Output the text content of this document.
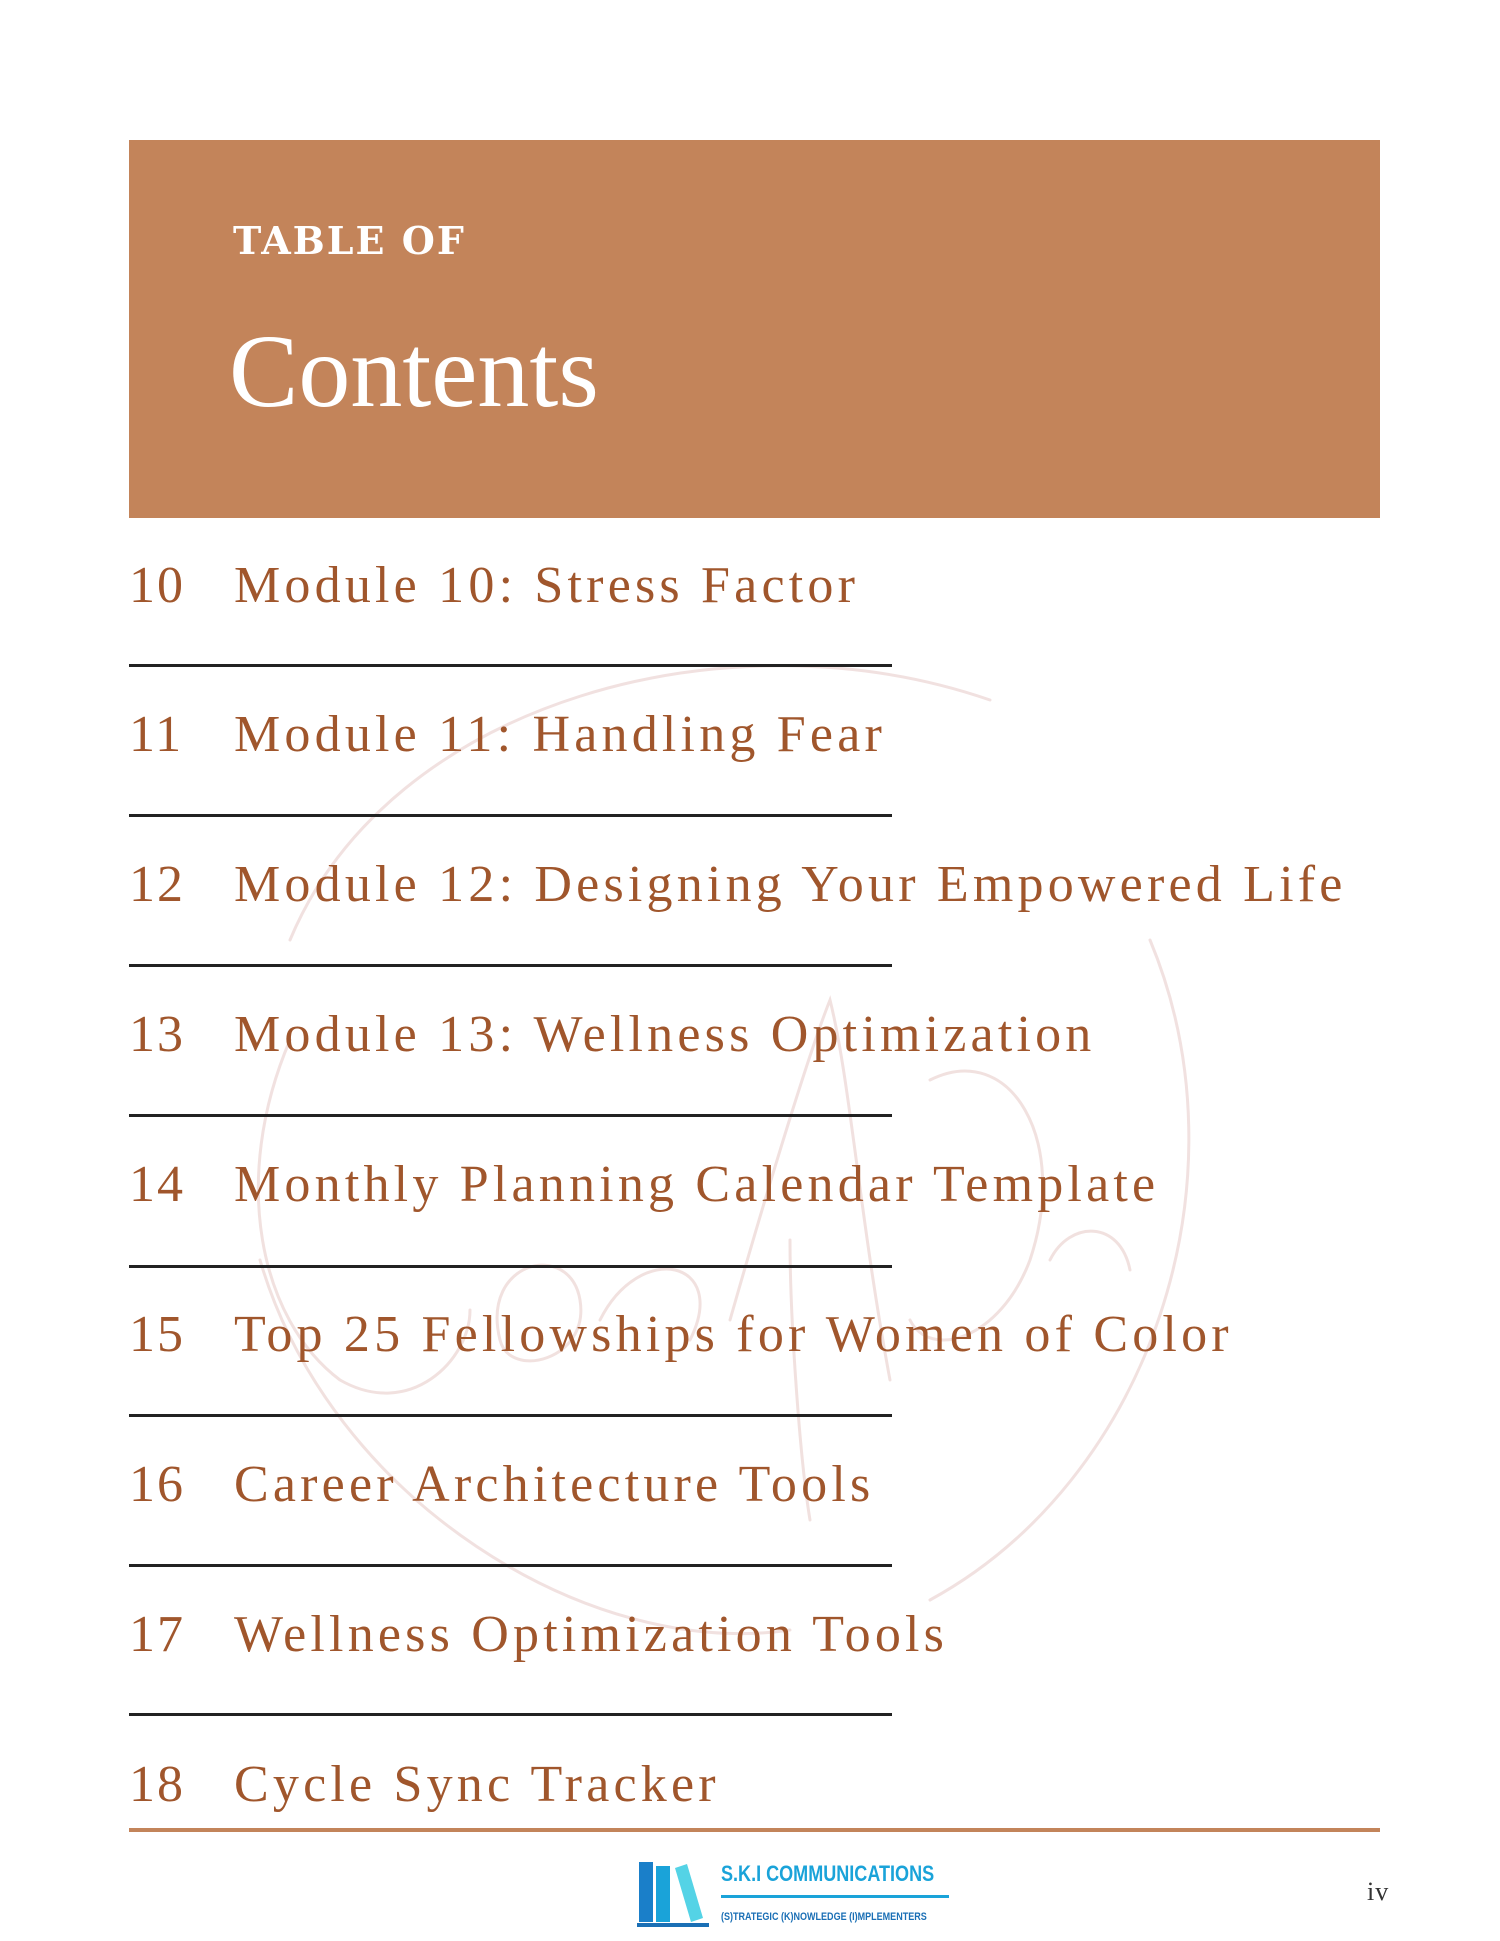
TABLE OF
Contents
10 Module 10: Stress Factor
11 Module 11: Handling Fear
12 Module 12: Designing Your Empowered Life
13 Module 13: Wellness Optimization
14 Monthly Planning Calendar Template
15 Top 25 Fellowships for Women of Color
16 Career Architecture Tools
17 Wellness Optimization Tools
18 Cycle Sync Tracker
S.K.I COMMUNICATIONS
(S)TRATEGIC (K)NOWLEDGE (I)MPLEMENTERS
iv
